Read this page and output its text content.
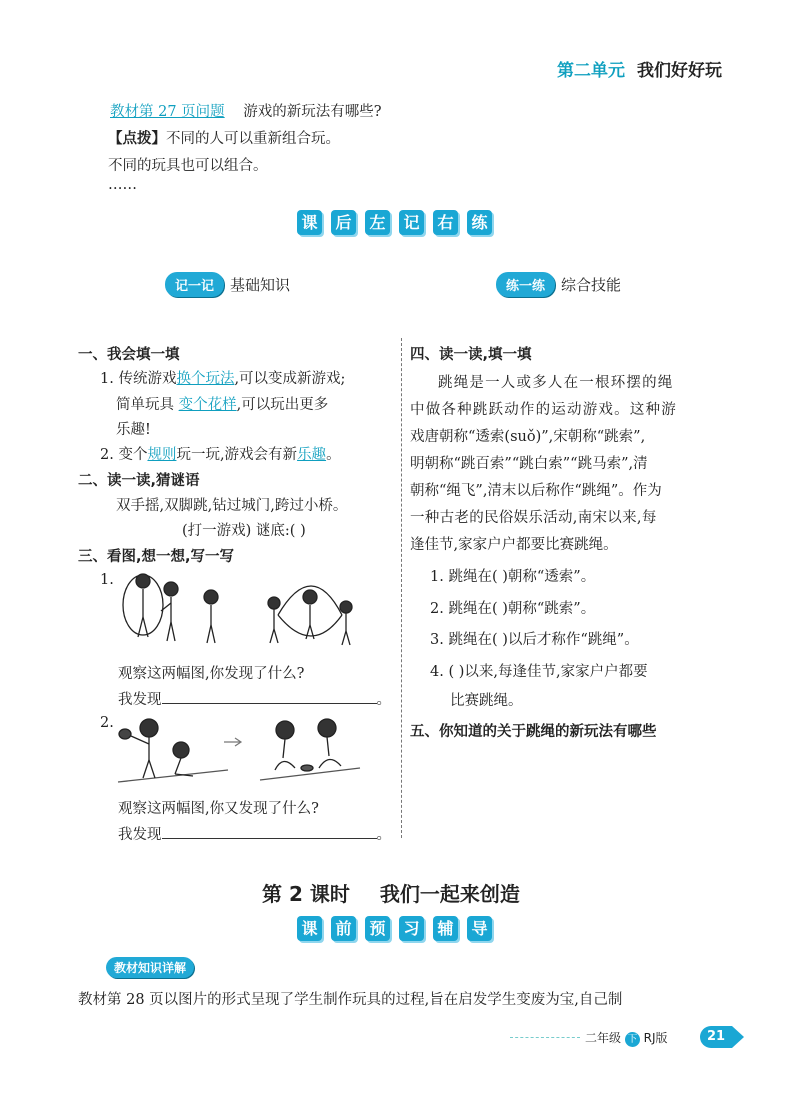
第二单元 我们好好玩
教材第 27 页问题 游戏的新玩法有哪些?
【点拨】不同的人可以重新组合玩。
不同的玩具也可以组合。
……
课 后 左 记 右 练
记一记	基础知识	练一练	综合技能
一、我会填一填
1. 传统游戏换个玩法,可以变成新游戏;
简单玩具 变个花样,可以玩出更多
乐趣!
2. 变个规则玩一玩,游戏会有新乐趣。
二、读一读,猜谜语
双手摇,双脚跳,钻过城门,跨过小桥。
(打一游戏) 谜底:( )
三、看图,想一想,写一写
1.
观察这两幅图,你发现了什么?
我发现	。
2.
观察这两幅图,你又发现了什么?
我发现	。
四、读一读,填一填
跳绳是一人或多人在一根环摆的绳
中做各种跳跃动作的运动游戏。这种游
戏唐朝称“透索(suǒ)”,宋朝称“跳索”,
明朝称“跳百索”“跳白索”“跳马索”,清
朝称“绳飞”,清末以后称作“跳绳”。作为
一种古老的民俗娱乐活动,南宋以来,每
逢佳节,家家户户都要比赛跳绳。
1. 跳绳在( )朝称“透索”。
2. 跳绳在( )朝称“跳索”。
3. 跳绳在( )以后才称作“跳绳”。
4. ( )以来,每逢佳节,家家户户都要
比赛跳绳。
五、你知道的关于跳绳的新玩法有哪些
第 2 课时 我们一起来创造
课 前 预 习 辅 导
教材知识详解
教材第 28 页以图片的形式呈现了学生制作玩具的过程,旨在启发学生变废为宝,自己制
二年级 下 RJ版	21
